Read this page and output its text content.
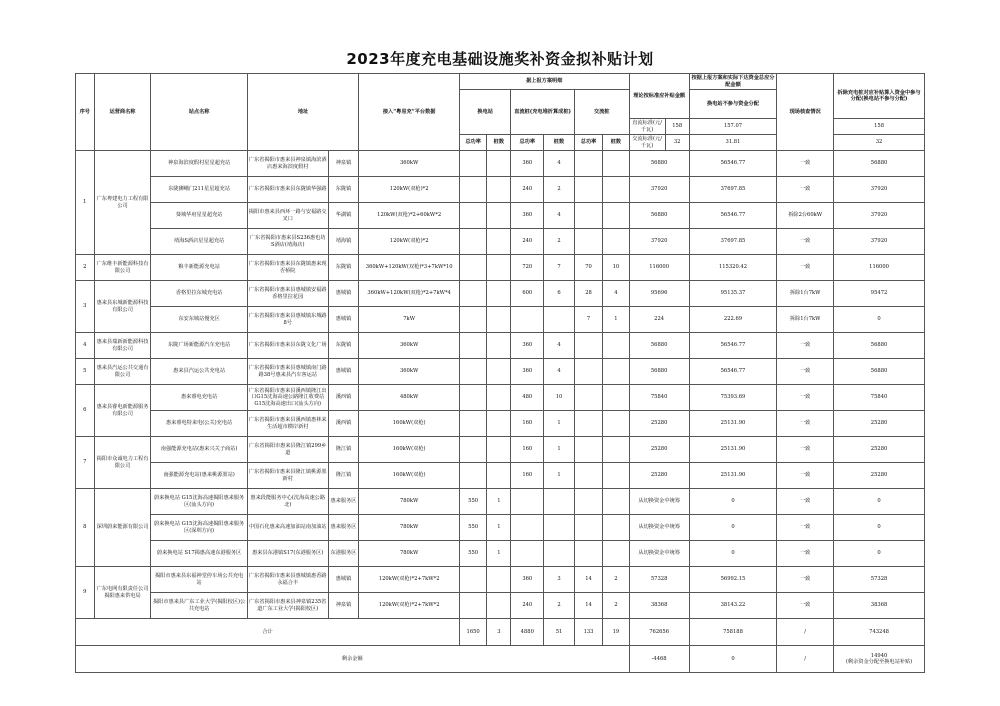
2023年度充电基础设施奖补资金拟补贴计划
序号	运营商名称	站点名称	地址		接入“粤易充”平台数据	据上报方案明细						理论按标准应补贴金额		按据上报方案和实际下达资金总应分配金额	现场核查情况	拆除充电桩对应补贴算入资金中参与分配(换电站不参与分配)
						换电站		直流桩(充电堆折算成桩)		交流桩				换电站不参与资金分配		
												直流标准(元/千瓦)	158	157.07		158
						总功率	桩数	总功率	桩数	总功率	桩数	交流标准(元/千瓦)	32	31.81		32
1	广东粤建电力工程有限公司	神泉海滨度假村星星超充站	广东省揭阳市惠来县神泉镇海滨酒店惠来海滨度假村	神泉镇	360kW			360	4			56880		56546.77	一致	56880
		东陇狮峨门211星星超充站	广东省揭阳市惠来县东陇镇华强路	东陇镇	120kW(双枪)*2			240	2			37920		37697.85	一致	37920
		葵城华府星星超充站	揭阳市惠来县西环一路与安福路交叉口	华湖镇	120kW(双枪)*2+60kW*2			360	4			56880		56546.77	拆除2台60kW	37920
		靖海S酒店星星超充站	广东省揭阳市惠来县S236惠也坊S酒店(靖海店)	靖海镇	120kW(双枪)*2			240	2			37920		37697.85	一致	37920
2	广东维丰新能源科技有限公司	粮丰新能源充电站	广东省揭阳市惠来县东陇镇惠来现否桥院	东陇镇	360kW+120kW(双枪)*3+7kW*10			720	7	70	10	116000		115320.42	一致	116000
3	惠来县东城新能源科技有限公司	香格里拉东城充电站	广东省揭阳市惠来县惠城镇安福路香格里拉花园	惠城镇	360kW+120kW(双枪)*2+7kW*4			600	6	28	4	95696		95135.37	拆除1台7kW	95472
		东安东城站慢充区	广东省揭阳市惠来县惠城镇东城路8号	惠城镇	7kW					7	1	224		222.69	拆除1台7kW	0
4	惠来县瑞新新能源科技有限公司	东陇广场新能源汽车充电站	广东省揭阳市惠来县东陇文化广场	东陇镇	360kW			360	4			56880		56546.77	一致	56880
5	惠来县汽运公共交通有限公司	惠来县汽运公共充电站	广东省揭阳市惠来县惠城镇南门路路38号惠来县汽车客运站	惠城镇	360kW			360	4			56880		56546.77	一致	56880
6	惠来县睿电新能源服务有限公司	惠来睿电充电站	广东省揭阳市惠来县溪西镇隆江出口G15沈海高速公路隆江收费站G15沈海高速出口(汕头方向)	溪西镇	480kW			480	10			75840		75393.69	一致	75840
		惠来睿电特来电(公关)充电站	广东省揭阳市惠来县溪西镇惠林来生活超市横岸新村	溪西镇	160kW(双枪)			160	1			25280		25131.90	一致	25280
7	揭阳市众诚电力工程有限公司	南强能源充电站(惠来兴关子商站)	广东省揭阳市惠来县隆江镇299乡道	隆江镇	160kW(双枪)			160	1			25280		25131.90	一致	25280
		南强能源充电站(惠来桃源墨站)	广东省揭阳市惠来县隆江镇桃源墨新村	隆江镇	160kW(双枪)			160	1			25280		25131.90	一致	25280
8	深圳蔚来能源有限公司	蔚来换电站 G15沈海高速揭阳惠来服务区(汕头方向)	惠来段能服务中心(沈海高速公路北)	惠来服务区	780kW	550	1					从切换资金中统筹		0	一致	0
		蔚来换电站 G15沈海高速揭阳惠来服务区(深圳方向)	中国石化惠来高速加油站南加油站	惠来服务区	780kW	550	1					从切换资金中统筹		0	一致	0
		蔚来换电站 S17揭惠高速东港服务区	惠来县东港镇S17(东港服务区)	东港服务区	780kW	550	1					从切换资金中统筹		0	一致	0
9	广东电网有限责任公司揭阳惠来供电局	揭阳市惠来县东福神堂停车场公共充电站	广东省揭阳市惠来县惠城镇惠香路永福合丰	惠城镇	120kW(双枪)*2+7kW*2			360	3	14	2	57328		56992.15	一致	57328
		揭阳市惠来县广东工业大学(揭阳校区)公共充电站	广东省揭阳市惠来县神泉镇235省道广东工业大学(揭阳校区)	神泉镇	120kW(双枪)*2+7kW*2			240	2	14	2	38368		38143.22	一致	38368
合计						1650	3	4880	51	133	19	762656		758188	/	743248
剩余金额												-4468		0	/	14940
(剩余资金分配至换电站补贴)
